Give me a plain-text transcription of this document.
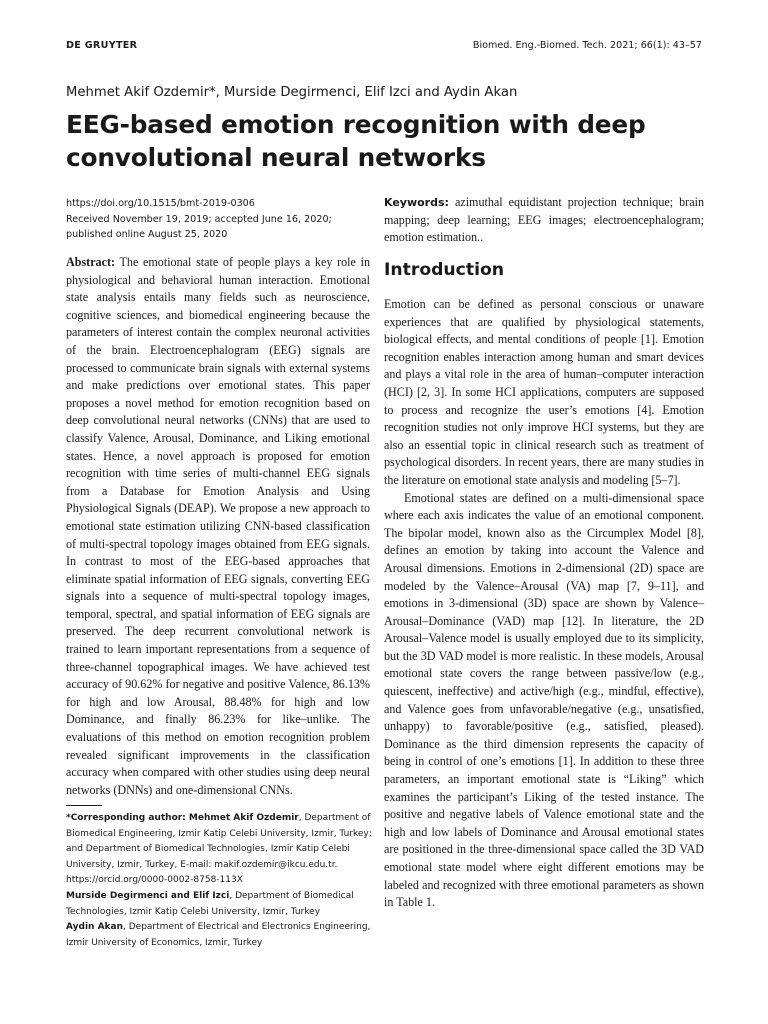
DE GRUYTER	Biomed. Eng.-Biomed. Tech. 2021; 66(1): 43–57
Mehmet Akif Ozdemir*, Murside Degirmenci, Elif Izci and Aydin Akan
EEG-based emotion recognition with deep convolutional neural networks
https://doi.org/10.1515/bmt-2019-0306
Received November 19, 2019; accepted June 16, 2020;
published online August 25, 2020

Abstract: The emotional state of people plays a key role in physiological and behavioral human interaction. Emotional state analysis entails many fields such as neuroscience, cognitive sciences, and biomedical engineering because the parameters of interest contain the complex neuronal activities of the brain. Electroencephalogram (EEG) signals are processed to communicate brain signals with external systems and make predictions over emotional states. This paper proposes a novel method for emotion recognition based on deep convolutional neural networks (CNNs) that are used to classify Valence, Arousal, Dominance, and Liking emotional states. Hence, a novel approach is proposed for emotion recognition with time series of multi-channel EEG signals from a Database for Emotion Analysis and Using Physiological Signals (DEAP). We propose a new approach to emotional state estimation utilizing CNN-based classification of multi-spectral topology images obtained from EEG signals. In contrast to most of the EEG-based approaches that eliminate spatial information of EEG signals, converting EEG signals into a sequence of multi-spectral topology images, temporal, spectral, and spatial information of EEG signals are preserved. The deep recurrent convolutional network is trained to learn important representations from a sequence of three-channel topographical images. We have achieved test accuracy of 90.62% for negative and positive Valence, 86.13% for high and low Arousal, 88.48% for high and low Dominance, and finally 86.23% for like–unlike. The evaluations of this method on emotion recognition problem revealed significant improvements in the classification accuracy when compared with other studies using deep neural networks (DNNs) and one-dimensional CNNs.

*Corresponding author: Mehmet Akif Ozdemir, Department of Biomedical Engineering, Izmir Katip Celebi University, Izmir, Turkey; and Department of Biomedical Technologies, Izmir Katip Celebi University, Izmir, Turkey, E-mail: makif.ozdemir@ikcu.edu.tr. https://orcid.org/0000-0002-8758-113X

Murside Degirmenci and Elif Izci, Department of Biomedical Technologies, Izmir Katip Celebi University, Izmir, Turkey

Aydin Akan, Department of Electrical and Electronics Engineering, Izmir University of Economics, Izmir, Turkey

Keywords: azimuthal equidistant projection technique; brain mapping; deep learning; EEG images; electroencephalogram; emotion estimation..

Introduction

Emotion can be defined as personal conscious or unaware experiences that are qualified by physiological statements, biological effects, and mental conditions of people [1]. Emotion recognition enables interaction among human and smart devices and plays a vital role in the area of human–computer interaction (HCI) [2, 3]. In some HCI applications, computers are supposed to process and recognize the user’s emotions [4]. Emotion recognition studies not only improve HCI systems, but they are also an essential topic in clinical research such as treatment of psychological disorders. In recent years, there are many studies in the literature on emotional state analysis and modeling [5–7].

Emotional states are defined on a multi-dimensional space where each axis indicates the value of an emotional component. The bipolar model, known also as the Circumplex Model [8], defines an emotion by taking into account the Valence and Arousal dimensions. Emotions in 2-dimensional (2D) space are modeled by the Valence–Arousal (VA) map [7, 9–11], and emotions in 3-dimensional (3D) space are shown by Valence–Arousal–Dominance (VAD) map [12]. In literature, the 2D Arousal–Valence model is usually employed due to its simplicity, but the 3D VAD model is more realistic. In these models, Arousal emotional state covers the range between passive/low (e.g., quiescent, ineffective) and active/high (e.g., mindful, effective), and Valence goes from unfavorable/negative (e.g., unsatisfied, unhappy) to favorable/positive (e.g., satisfied, pleased). Dominance as the third dimension represents the capacity of being in control of one’s emotions [1]. In addition to these three parameters, an important emotional state is “Liking” which examines the participant’s Liking of the tested instance. The positive and negative labels of Valence emotional state and the high and low labels of Dominance and Arousal emotional states are positioned in the three-dimensional space called the 3D VAD emotional state model where eight different emotions may be labeled and recognized with three emotional parameters as shown in Table 1.
